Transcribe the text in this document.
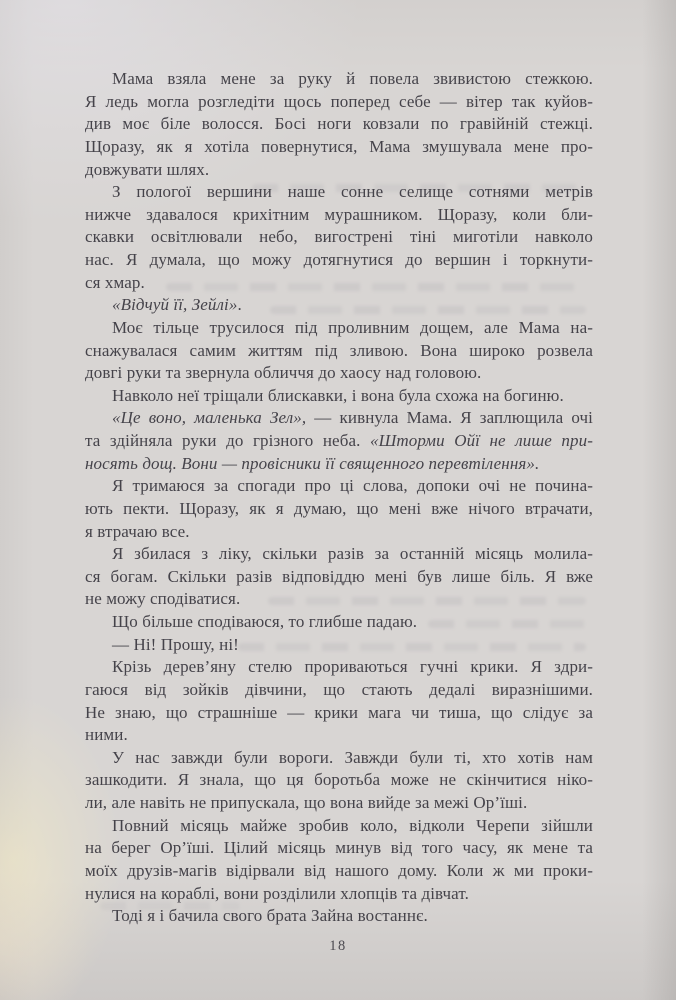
Мама взяла мене за руку й повела звивистою стежкою.
Я ледь могла розгледіти щось поперед себе — вітер так куйов-
див моє біле волосся. Босі ноги ковзали по гравійній стежці.
Щоразу, як я хотіла повернутися, Мама змушувала мене про-
довжувати шлях.
З пологої вершини наше сонне селище сотнями метрів
нижче здавалося крихітним мурашником. Щоразу, коли бли-
скавки освітлювали небо, вигострені тіні миготіли навколо
нас. Я думала, що можу дотягнутися до вершин і торкнути-
ся хмар.
«Відчуй її, Зейлі».
Моє тільце трусилося під проливним дощем, але Мама на-
снажувалася самим життям під зливою. Вона широко розвела
довгі руки та звернула обличчя до хаосу над головою.
Навколо неї тріщали блискавки, і вона була схожа на богиню.
«Це воно, маленька Зел», — кивнула Мама. Я заплющила очі
та здійняла руки до грізного неба. «Шторми Ойї не лише при-
носять дощ. Вони — провісники її священного перевтілення».
Я тримаюся за спогади про ці слова, допоки очі не почина-
ють пекти. Щоразу, як я думаю, що мені вже нічого втрачати,
я втрачаю все.
Я збилася з ліку, скільки разів за останній місяць молила-
ся богам. Скільки разів відповіддю мені був лише біль. Я вже
не можу сподіватися.
Що більше сподіваюся, то глибше падаю.
— Ні! Прошу, ні!
Крізь дерев’яну стелю прориваються гучні крики. Я здри-
гаюся від зойків дівчини, що стають дедалі виразнішими.
Не знаю, що страшніше — крики мага чи тиша, що слідує за
ними.
У нас завжди були вороги. Завжди були ті, хто хотів нам
зашкодити. Я знала, що ця боротьба може не скінчитися ніко-
ли, але навіть не припускала, що вона вийде за межі Ор’їші.
Повний місяць майже зробив коло, відколи Черепи зійшли
на берег Ор’їші. Цілий місяць минув від того часу, як мене та
моїх друзів-магів відірвали від нашого дому. Коли ж ми проки-
нулися на кораблі, вони розділили хлопців та дівчат.
Тоді я і бачила свого брата Зайна востаннє.
18
